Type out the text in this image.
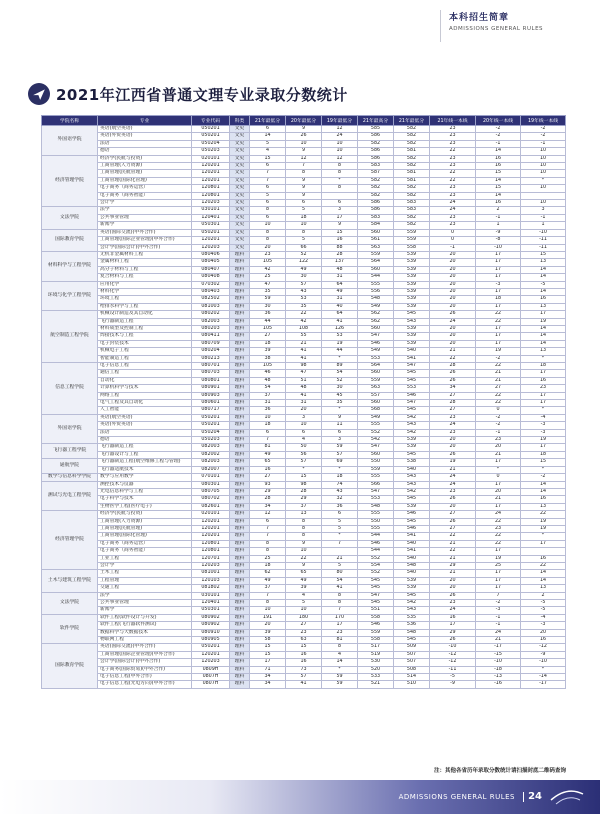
本科招生简章
ADMISSIONS GENERAL RULES
2021年江西省普通文理专业录取分数统计
学院名称	专业	专业代码	科类	21年最低分	20年最低分	19年最低分	21年最高分	21年最低分	21年线一本线	20年线一本线	19年线一本线
外国语学院	英语(航空英语)	050201	文史	6	9	12	585	582	23	-2	-2
	英语(外贸英语)	050201	文史	14	26	24	586	582	23	-2	-2
	法语	050204	文史	5	10	10	582	582	23	-1	-1
	德语	050203	文史	4	9	10	586	581	22	14	10
经济管理学院	经济学(民航与投资)	020101	文史	15	12	12	586	582	23	16	10
	工商管理(人力资源)	120201	文史	6	7	8	583	582	23	16	10
	工商管理(民航管理)	120201	文史	7	8	8	587	581	22	15	10
	工商管理(国际化管理)	120201	文史	7	9	*	582	581	22	14	*
	电子商务（商务运营）	120801	文史	6	9	8	582	582	23	15	10
	电子商务（商务智能）	120801	文史	5	9		582	582	23	14	
	会计学	120203	文史	6	6	6	586	583	24	16	10
文法学院	法学	030101	文史	8	5	3	586	583	24	2	3
	公共事业管理	120401	文史	6	18	17	583	582	23	-1	-1
	新闻学	050301	文史	10	10	9	584	582	23	1	1
国际教育学院	英语(国际交流)(中外合作)	050201	文史	8	8	15	560	559	0	-9	-10
	工商管理(国际企业管理)(中外合作)	120201	文史	8	5	16	561	559	0	-8	-11
	会计学(国际会计)(中外合作)	120203	文史	20	66	88	563	558	-1	-10	-11
材料科学与工程学院	无机非金属材料工程	080406	理科	23	52	28	559	539	20	17	15
	金属材料工程	080405	理科	105	122	137	564	539	20	17	13
	高分子材料与工程	080407	理科	42	49	48	560	539	20	17	14
	复合材料与工程	080408	理科	25	30	31	544	539	20	17	14
环境与化学工程学院	应用化学	070302	理科	47	57	64	555	539	20	-3	-5
	材料化学	080403	理科	35	43	49	556	539	20	17	14
	环境工程	082502	理科	59	53	31	548	539	20	18	16
	给排水科学与工程	081003	理科	30	35	40	549	539	20	17	13
航空制造工程学院	机械设计制造及其自动化	080202	理科	36	22	64	562	545	26	22	17
	飞行器制造工程	082003	理科	44	42	41	562	543	24	22	19
	材料成型及控制工程	080203	理科	105	108	126	560	539	20	17	14
	焊接技术与工程	080411	理科	27	55	53	547	539	20	17	14
	电子封装技术	080709	理科	18	21	19	546	539	20	17	14
	机械电子工程	080204	理科	39	41	44	549	540	21	19	13
	智能制造工程	080213	理科	38	41	*	553	541	22	-2	*
信息工程学院	电子信息工程	080701	理科	105	98	89	564	547	28	22	18
	通信工程	080703	理科	46	47	54	560	545	26	21	17
	自动化	080801	理科	48	51	52	559	545	26	21	16
	计算机科学与技术	080901	理科	54	48	30	563	553	34	27	23
	网络工程	080903	理科	37	41	45	557	546	27	22	17
	电气工程及其自动化	080601	理科	31	31	35	560	547	28	22	17
	人工智能	080717	理科	36	20	*	568	545	27	0	*
外国语学院	英语(航空英语)	050201	理科	10	3	9	549	542	23	-2	-4
	英语(外贸英语)	050201	理科	18	10	11	555	543	24	-2	-3
	法语	050204	理科	6	6	6	552	542	23	-1	-3
	德语	050203	理科	7	4	3	542	539	20	23	19
飞行器工程学院	飞行器制造工程	082003	理科	81	50	59	547	539	20	20	17
	飞行器设计与工程	082002	理科	49	56	57	560	545	26	21	18
通航学院	飞行器制造工程(航空维修工程与管理)	082003	理科	65	57	69	550	538	19	17	15
	飞行器适航技术	082007	理科	16	*	*	559	540	21	*	*
数学与信息科学学院	数学与应用数学	070101	理科	27	15	18	555	543	24	0	-2
测试与光电工程学院	测控技术与仪器	080301	理科	93	98	74	566	543	24	17	14
	光电信息科学与工程	080705	理科	29	28	43	547	542	23	20	14
	电子科学与技术	080702	理科	28	29	32	553	545	26	21	16
	生物医学工程(医疗电子)	082601	理科	34	37	36	548	539	20	17	13
经济管理学院	经济学(民航与投资)	020101	理科	12	13	6	555	546	27	24	22
	工商管理(人力资源)	120201	理科	6	8	5	550	545	26	22	19
	工商管理(民航管理)	120201	理科	7	8	5	555	546	27	23	19
	工商管理(国际化管理)	120201	理科	7	8	*	544	541	22	22	*
	电子商务（商务运营）	120801	理科	8	9	7	546	540	21	22	17
	电子商务（商务智能）	120801	理科	8	10		544	541	22	17	
	工业工程	120701	理科	25	22	21	552	540	21	19	16
	会计学	120203	理科	18	9	5	554	548	29	25	22
土木与建筑工程学院	土木工程	081001	理科	62	65	80	552	540	21	17	14
	工程管理	120103	理科	49	49	54	545	539	20	17	14
	交通工程	081802	理科	37	39	41	545	539	20	17	13
文法学院	法学	030101	理科	7	4	8	547	545	26	7	2
	公共事业管理	120401	理科	8	5	8	545	542	23	-2	-5
	新闻学	050301	理科	10	10	7	551	543	24	-3	-5
软件学院	软件工程(软件设计与开发)	080902	理科	191	180	170	558	535	16	-1	-4
	软件工程(飞行器软件测试)	080902	理科	20	27	17	546	536	17	-1	-3
	数据科学与大数据技术	080910	理科	39	23	23	559	548	29	24	20
	物联网工程	080905	理科	58	63	81	558	545	26	21	16
国际教育学院	英语(国际交流)(中外合作)	050201	理科	15	15	8	517	509	-10	-17	-12
	工商管理(国际企业管理)(中外合作)	120201	理科	15	16	4	519	507	-12	-15	-9
	会计学(国际会计)(中外合作)	120203	理科	17	16	14	530	507	-12	-10	-10
	电子商务(国际贸易)(中外合作)	0809H	理科	71	73	*	520	508	-11	-18	*
	电子信息工程(中外合作)	0807H	理科	34	57	59	533	514	-5	-13	-14
	电子信息工程(光电方向)(中外合作)	0807H	理科	34	41	59	521	510	-9	-16	-17
注：其他各省历年录取分数统计请扫描封底二维码查询
ADMISSIONS GENERAL RULES 24
